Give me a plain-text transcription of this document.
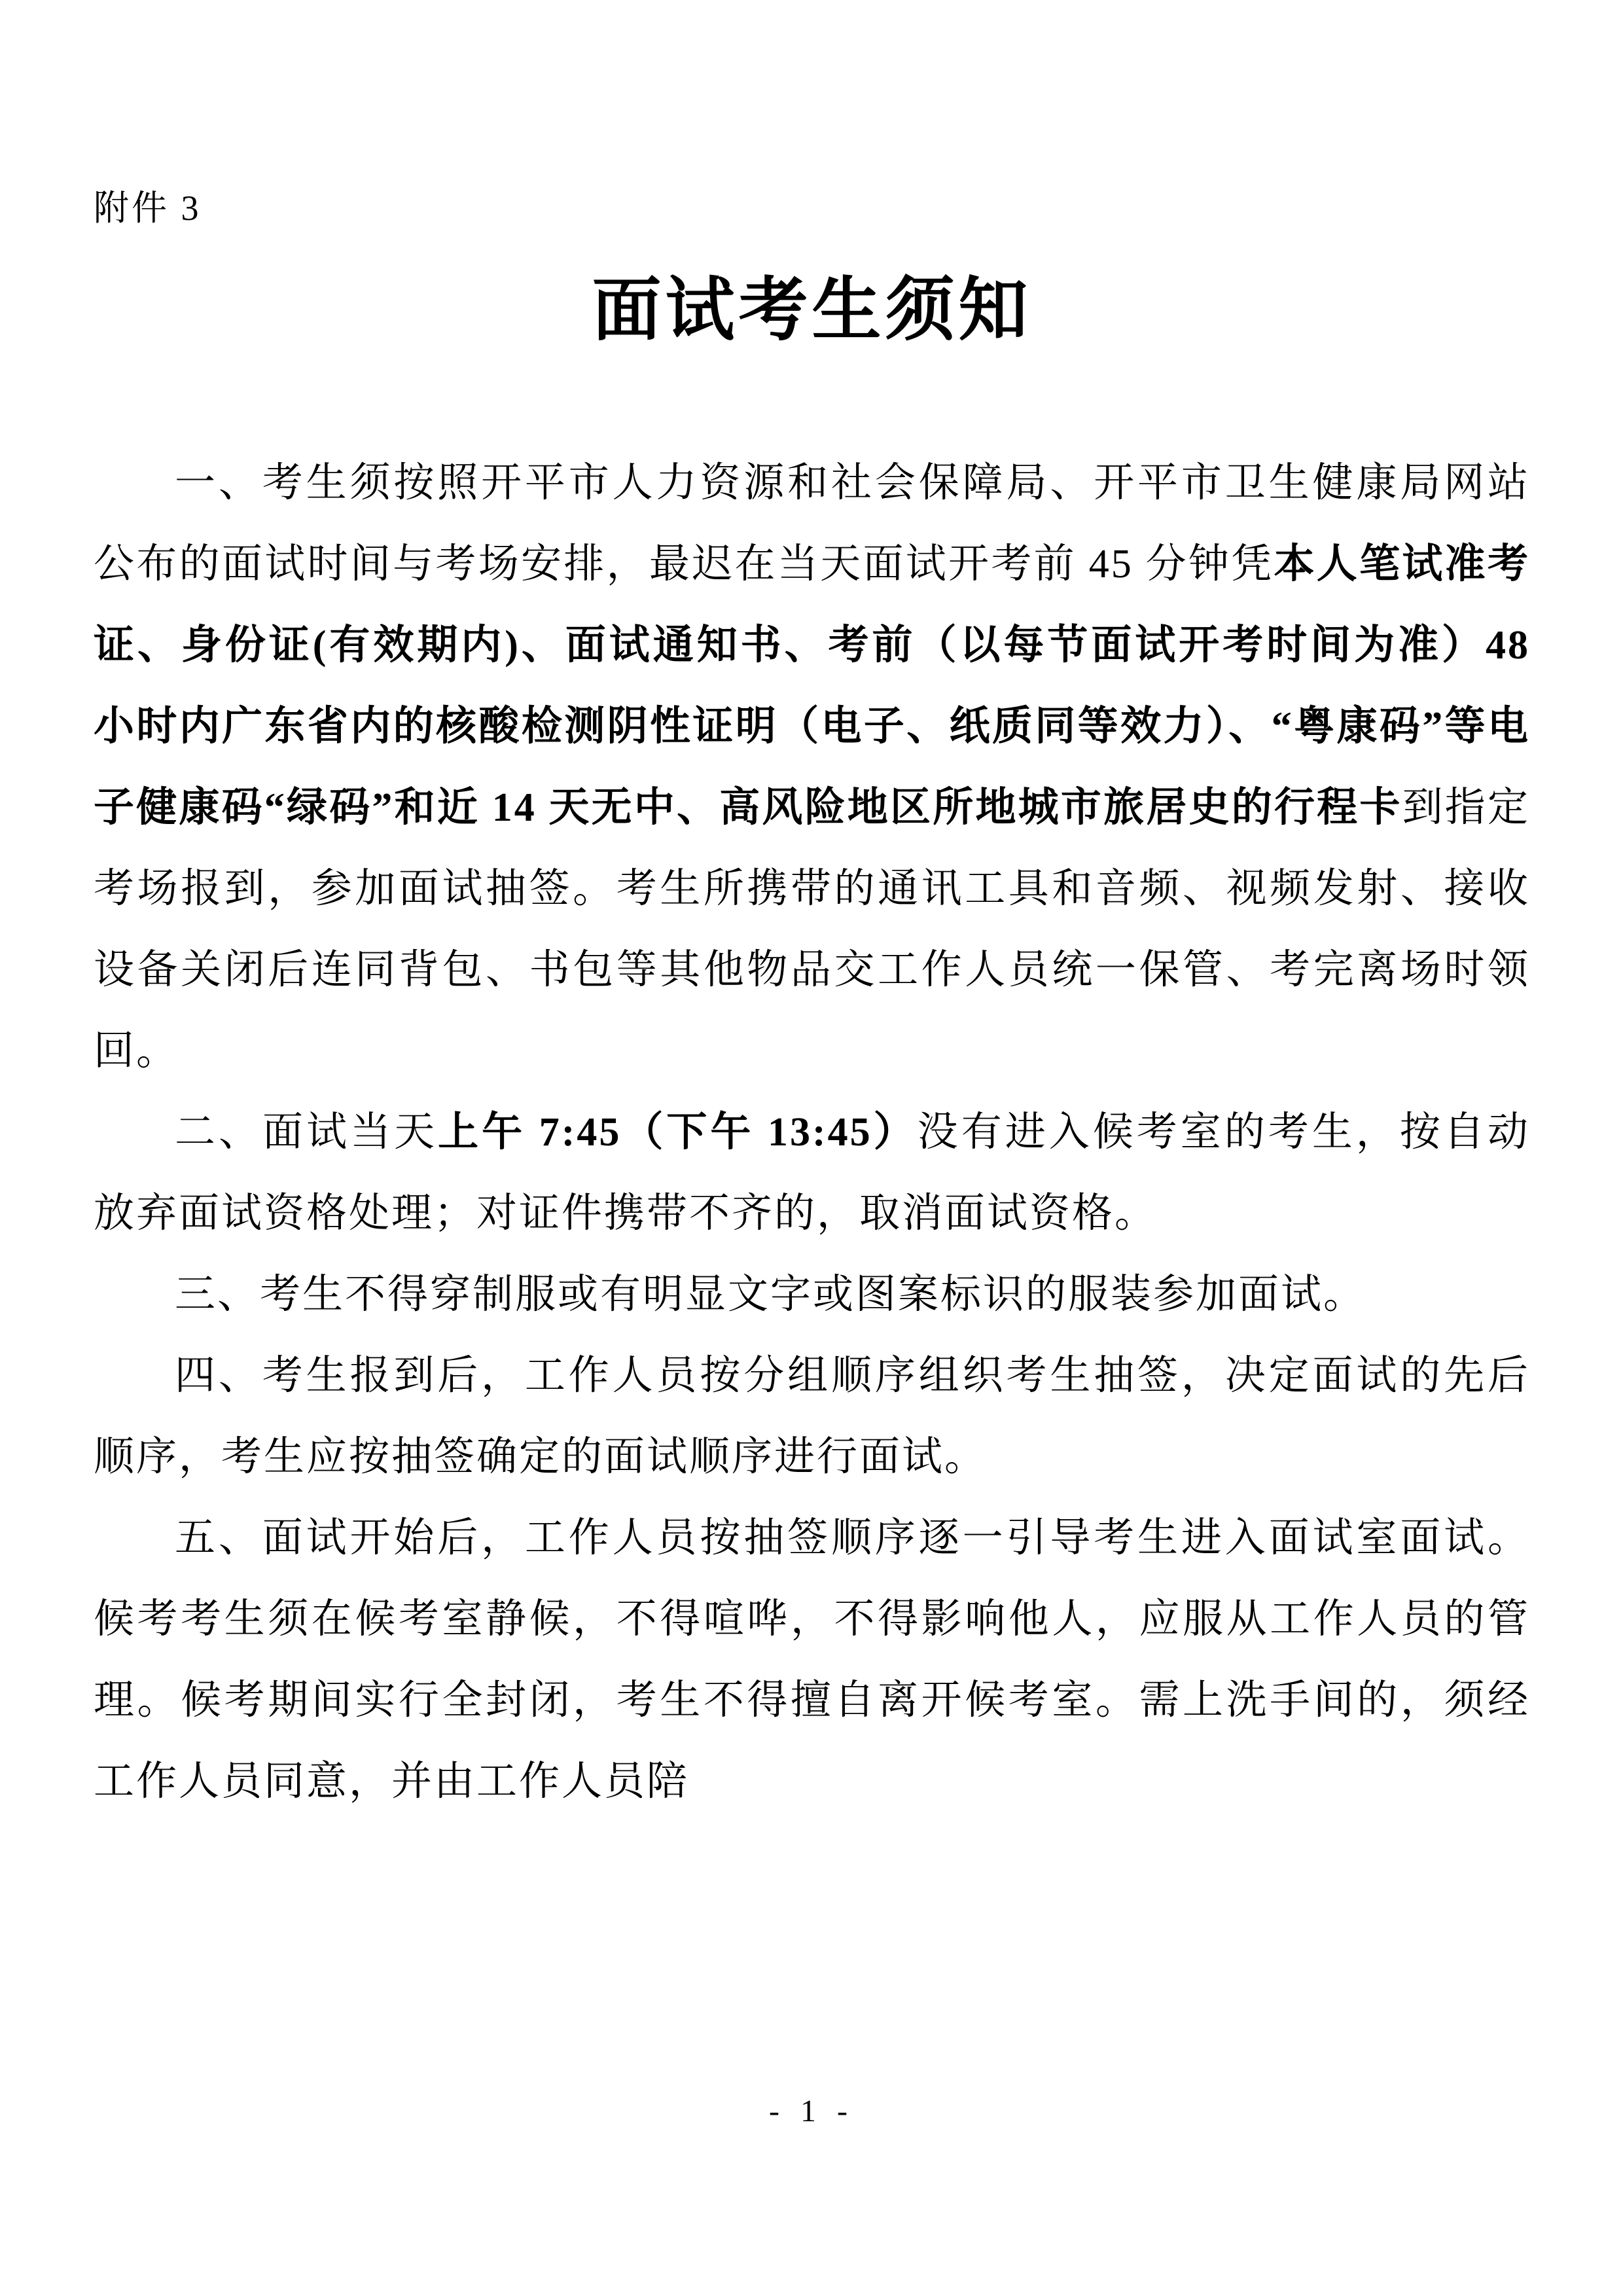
附件 3
面试考生须知

一、考生须按照开平市人力资源和社会保障局、开平市卫生健康局网站公布的面试时间与考场安排，最迟在当天面试开考前 45 分钟凭本人笔试准考证、身份证(有效期内)、面试通知书、考前（以每节面试开考时间为准）48 小时内广东省内的核酸检测阴性证明（电子、纸质同等效力）、“粤康码”等电子健康码“绿码”和近 14 天无中、高风险地区所地城市旅居史的行程卡到指定考场报到，参加面试抽签。考生所携带的通讯工具和音频、视频发射、接收设备关闭后连同背包、书包等其他物品交工作人员统一保管、考完离场时领回。

二、面试当天上午 7:45（下午 13:45）没有进入候考室的考生，按自动放弃面试资格处理；对证件携带不齐的，取消面试资格。

三、考生不得穿制服或有明显文字或图案标识的服装参加面试。

四、考生报到后，工作人员按分组顺序组织考生抽签，决定面试的先后顺序，考生应按抽签确定的面试顺序进行面试。

五、面试开始后，工作人员按抽签顺序逐一引导考生进入面试室面试。候考考生须在候考室静候，不得喧哗，不得影响他人，应服从工作人员的管理。候考期间实行全封闭，考生不得擅自离开候考室。需上洗手间的，须经工作人员同意，并由工作人员陪

- 1 -
